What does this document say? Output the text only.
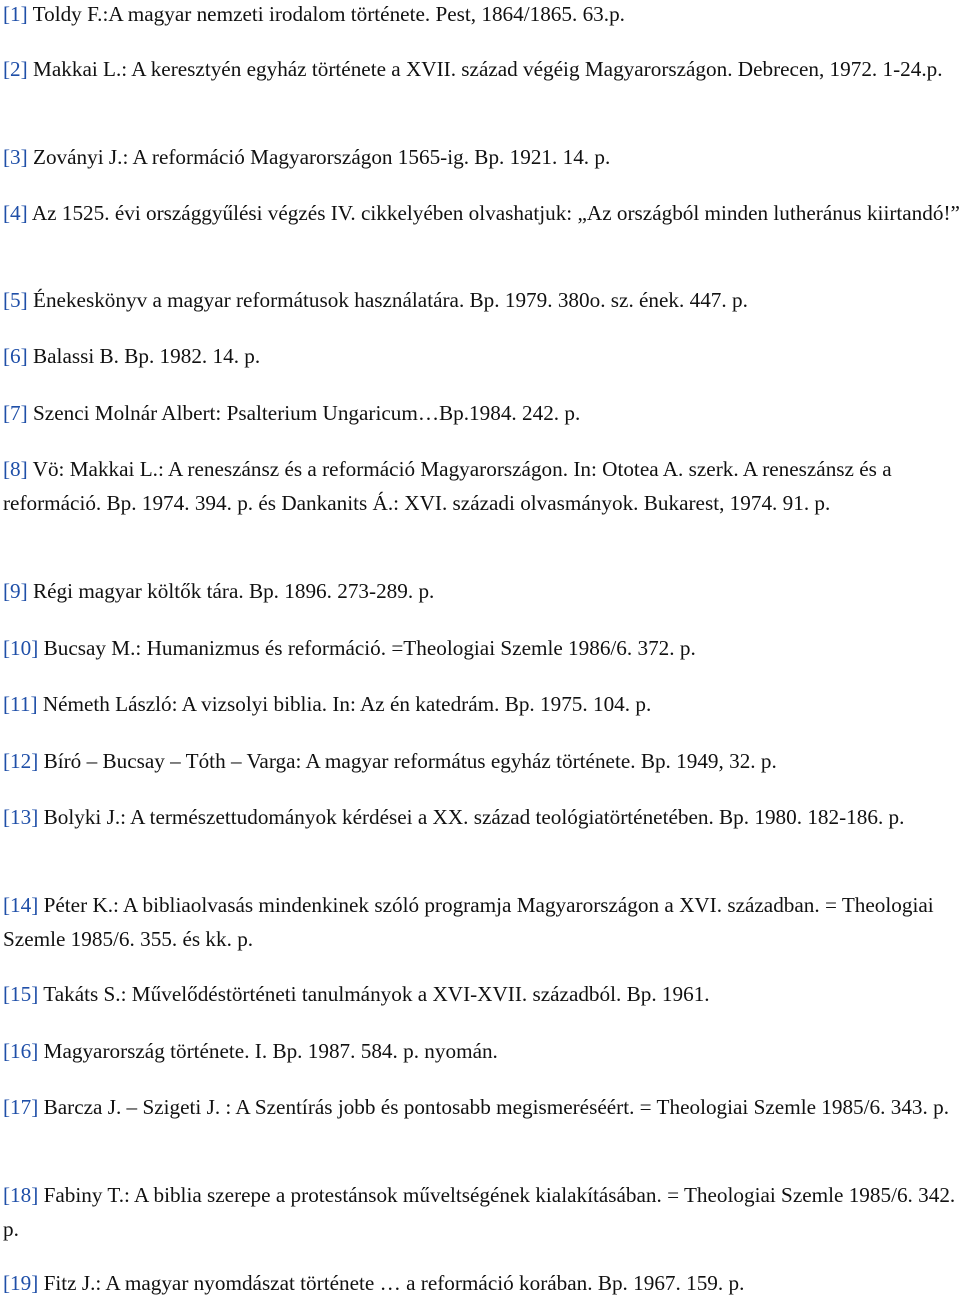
[1] Toldy F.:A magyar nemzeti irodalom története. Pest, 1864/1865. 63.p.
[2] Makkai L.: A keresztyén egyház története a XVII. század végéig Magyarországon. Debrecen, 1972. 1-24.p.
[3] Zoványi J.: A reformáció Magyarországon 1565-ig. Bp. 1921. 14. p.
[4] Az 1525. évi országgyűlési végzés IV. cikkelyében olvashatjuk: „Az országból minden lutheránus kiirtandó!”
[5] Énekeskönyv a magyar reformátusok használatára. Bp. 1979. 380o. sz. ének. 447. p.
[6] Balassi B. Bp. 1982. 14. p.
[7] Szenci Molnár Albert: Psalterium Ungaricum…Bp.1984. 242. p.
[8] Vö: Makkai L.: A reneszánsz és a reformáció Magyarországon. In: Ototea A. szerk. A reneszánsz és a reformáció. Bp. 1974. 394. p. és Dankanits Á.: XVI. századi olvasmányok. Bukarest, 1974. 91. p.
[9] Régi magyar költők tára. Bp. 1896. 273-289. p.
[10] Bucsay M.: Humanizmus és reformáció. =Theologiai Szemle 1986/6. 372. p.
[11] Németh László: A vizsolyi biblia. In: Az én katedrám. Bp. 1975. 104. p.
[12] Bíró – Bucsay – Tóth – Varga: A magyar református egyház története. Bp. 1949, 32. p.
[13] Bolyki J.: A természettudományok kérdései a XX. század teológiatörténetében. Bp. 1980. 182-186. p.
[14] Péter K.: A bibliaolvasás mindenkinek szóló programja Magyarországon a XVI. században. = Theologiai Szemle 1985/6. 355. és kk. p.
[15] Takáts S.: Művelődéstörténeti tanulmányok a XVI-XVII. századból. Bp. 1961.
[16] Magyarország története. I. Bp. 1987. 584. p. nyomán.
[17] Barcza J. – Szigeti J. : A Szentírás jobb és pontosabb megismeréséért. = Theologiai Szemle 1985/6. 343. p.
[18] Fabiny T.: A biblia szerepe a protestánsok műveltségének kialakításában. = Theologiai Szemle 1985/6. 342. p.
[19] Fitz J.: A magyar nyomdászat története … a reformáció korában. Bp. 1967. 159. p.
